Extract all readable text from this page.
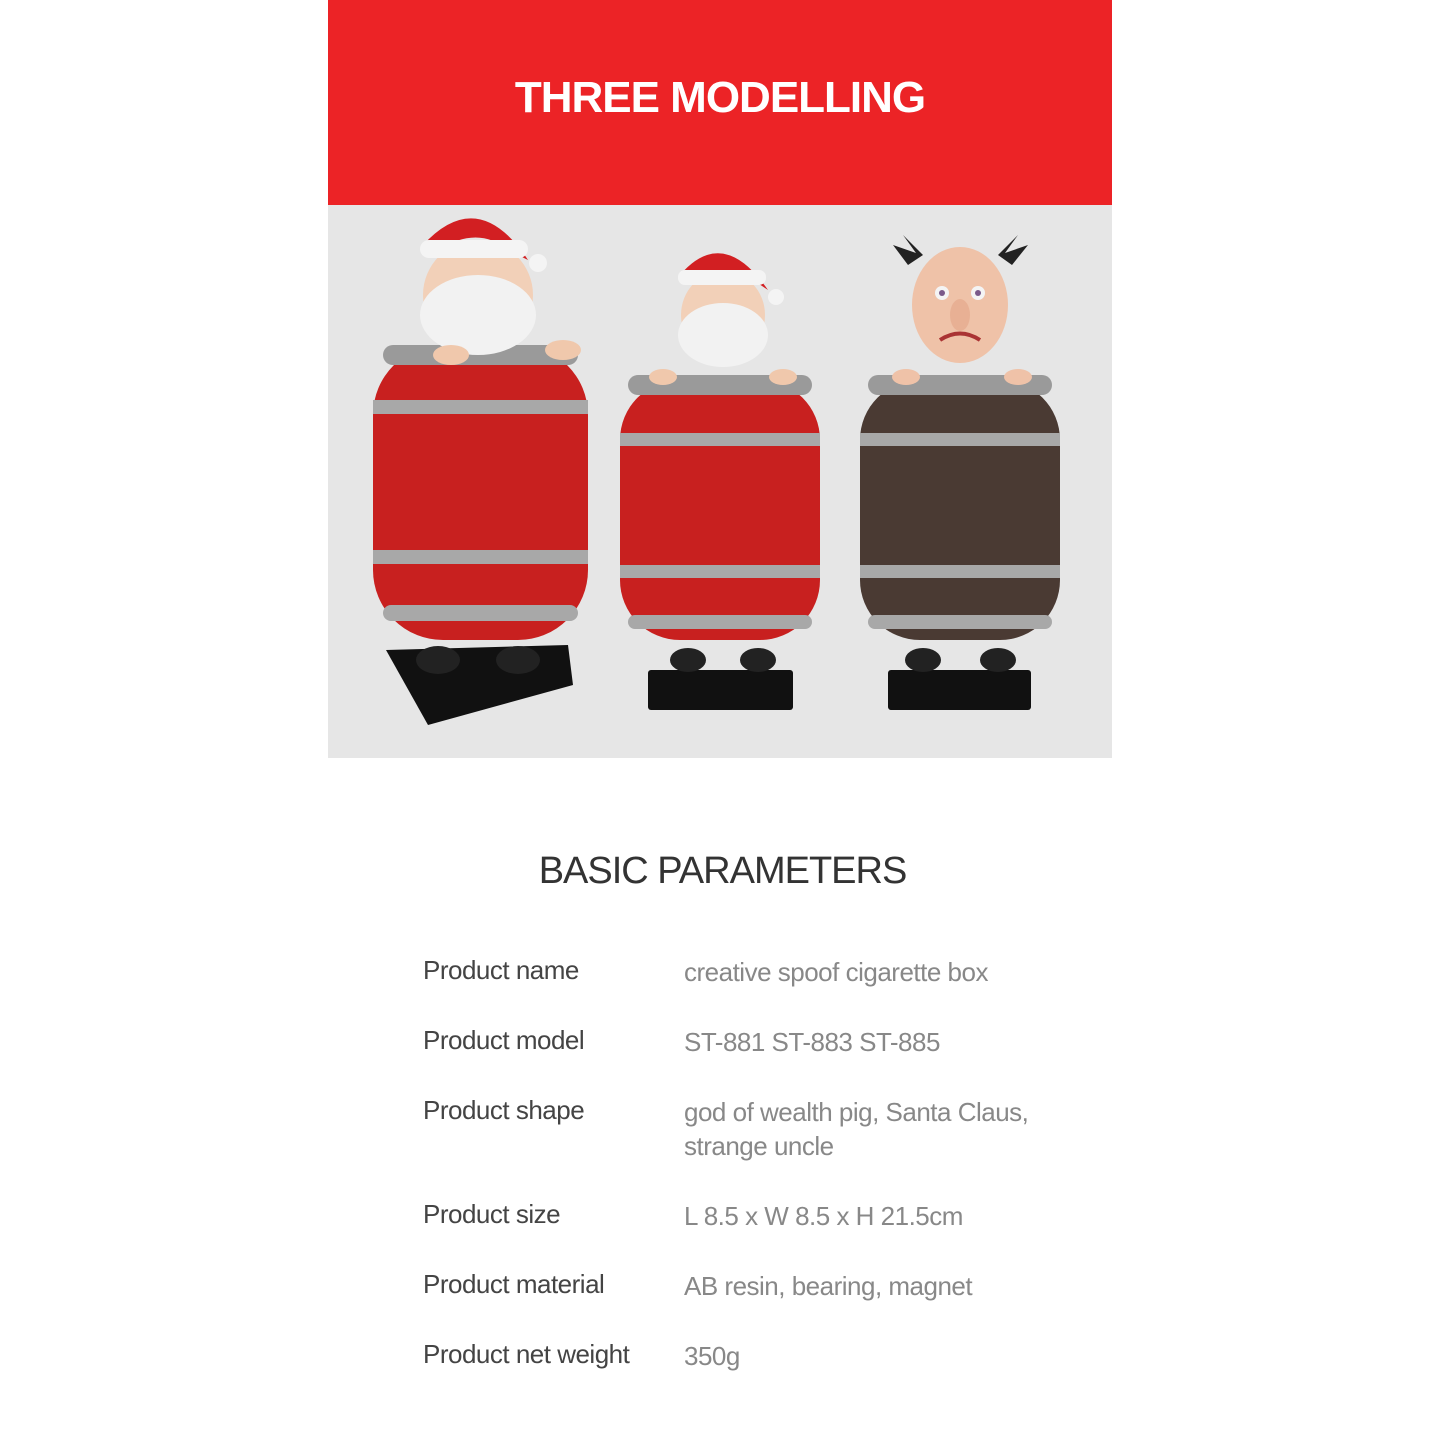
THREE MODELLING
BASIC PARAMETERS
Product name	creative spoof cigarette box
Product model	ST-881 ST-883 ST-885
Product shape	god of wealth pig, Santa Claus, strange uncle
Product size	L 8.5 x W 8.5 x H 21.5cm
Product material	AB resin, bearing, magnet
Product net weight 350g
